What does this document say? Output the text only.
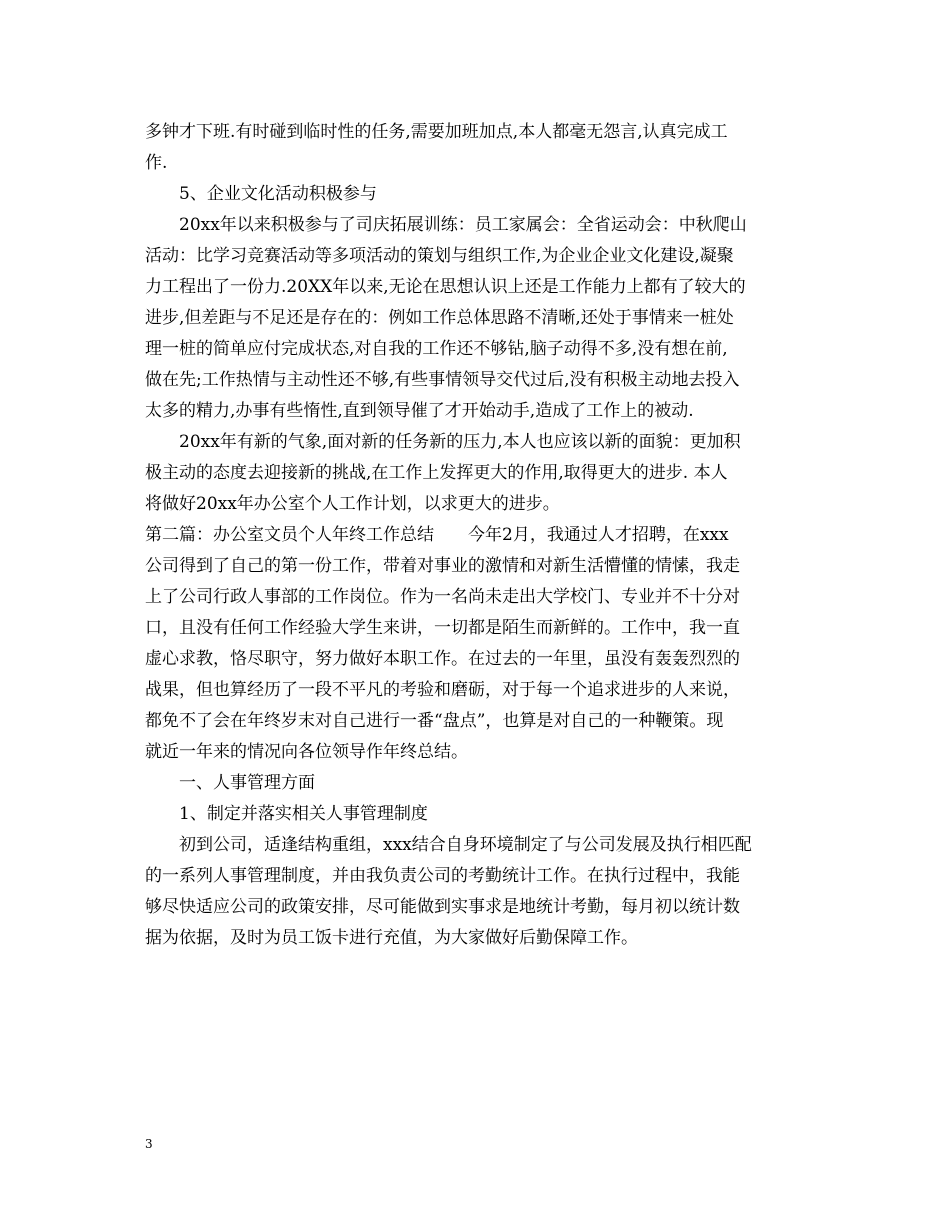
多钟才下班.有时碰到临时性的任务,需要加班加点,本人都毫无怨言,认真完成工
作.
5、企业文化活动积极参与
20xx年以来积极参与了司庆拓展训练：员工家属会：全省运动会：中秋爬山
活动：比学习竞赛活动等多项活动的策划与组织工作,为企业企业文化建设,凝聚
力工程出了一份力.20XX年以来,无论在思想认识上还是工作能力上都有了较大的
进步,但差距与不足还是存在的：例如工作总体思路不清晰,还处于事情来一桩处
理一桩的简单应付完成状态,对自我的工作还不够钻,脑子动得不多,没有想在前,
做在先;工作热情与主动性还不够,有些事情领导交代过后,没有积极主动地去投入
太多的精力,办事有些惰性,直到领导催了才开始动手,造成了工作上的被动.
20xx年有新的气象,面对新的任务新的压力,本人也应该以新的面貌：更加积
极主动的态度去迎接新的挑战,在工作上发挥更大的作用,取得更大的进步. 本人
将做好20xx年办公室个人工作计划，以求更大的进步。
第二篇：办公室文员个人年终工作总结　　今年2月，我通过人才招聘，在xxx
公司得到了自己的第一份工作，带着对事业的激情和对新生活懵懂的情愫，我走
上了公司行政人事部的工作岗位。作为一名尚未走出大学校门、专业并不十分对
口，且没有任何工作经验大学生来讲，一切都是陌生而新鲜的。工作中，我一直
虚心求教，恪尽职守，努力做好本职工作。在过去的一年里，虽没有轰轰烈烈的
战果，但也算经历了一段不平凡的考验和磨砺，对于每一个追求进步的人来说，
都免不了会在年终岁末对自己进行一番“盘点”，也算是对自己的一种鞭策。现
就近一年来的情况向各位领导作年终总结。
一、人事管理方面
1、制定并落实相关人事管理制度
初到公司，适逢结构重组，xxx结合自身环境制定了与公司发展及执行相匹配
的一系列人事管理制度，并由我负责公司的考勤统计工作。在执行过程中，我能
够尽快适应公司的政策安排，尽可能做到实事求是地统计考勤，每月初以统计数
据为依据，及时为员工饭卡进行充值，为大家做好后勤保障工作。
3
